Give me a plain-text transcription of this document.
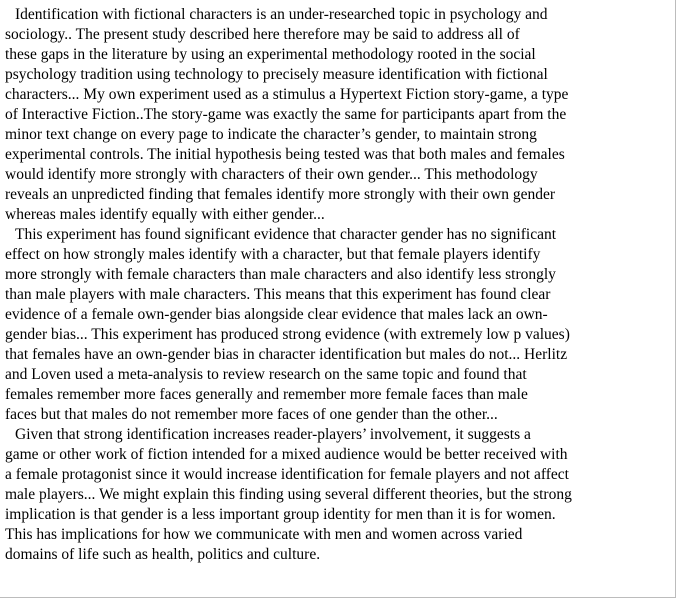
Identification with fictional characters is an under-researched topic in psychology and
sociology.. The present study described here therefore may be said to address all of
these gaps in the literature by using an experimental methodology rooted in the social
psychology tradition using technology to precisely measure identification with fictional
characters... My own experiment used as a stimulus a Hypertext Fiction story-game, a type
of Interactive Fiction..The story-game was exactly the same for participants apart from the
minor text change on every page to indicate the character’s gender, to maintain strong
experimental controls. The initial hypothesis being tested was that both males and females
would identify more strongly with characters of their own gender... This methodology
reveals an unpredicted finding that females identify more strongly with their own gender
whereas males identify equally with either gender...
This experiment has found significant evidence that character gender has no significant
effect on how strongly males identify with a character, but that female players identify
more strongly with female characters than male characters and also identify less strongly
than male players with male characters. This means that this experiment has found clear
evidence of a female own-gender bias alongside clear evidence that males lack an own-
gender bias... This experiment has produced strong evidence (with extremely low p values)
that females have an own-gender bias in character identification but males do not... Herlitz
and Loven used a meta-analysis to review research on the same topic and found that
females remember more faces generally and remember more female faces than male
faces but that males do not remember more faces of one gender than the other...
Given that strong identification increases reader-players’ involvement, it suggests a
game or other work of fiction intended for a mixed audience would be better received with
a female protagonist since it would increase identification for female players and not affect
male players... We might explain this finding using several different theories, but the strong
implication is that gender is a less important group identity for men than it is for women.
This has implications for how we communicate with men and women across varied
domains of life such as health, politics and culture.
